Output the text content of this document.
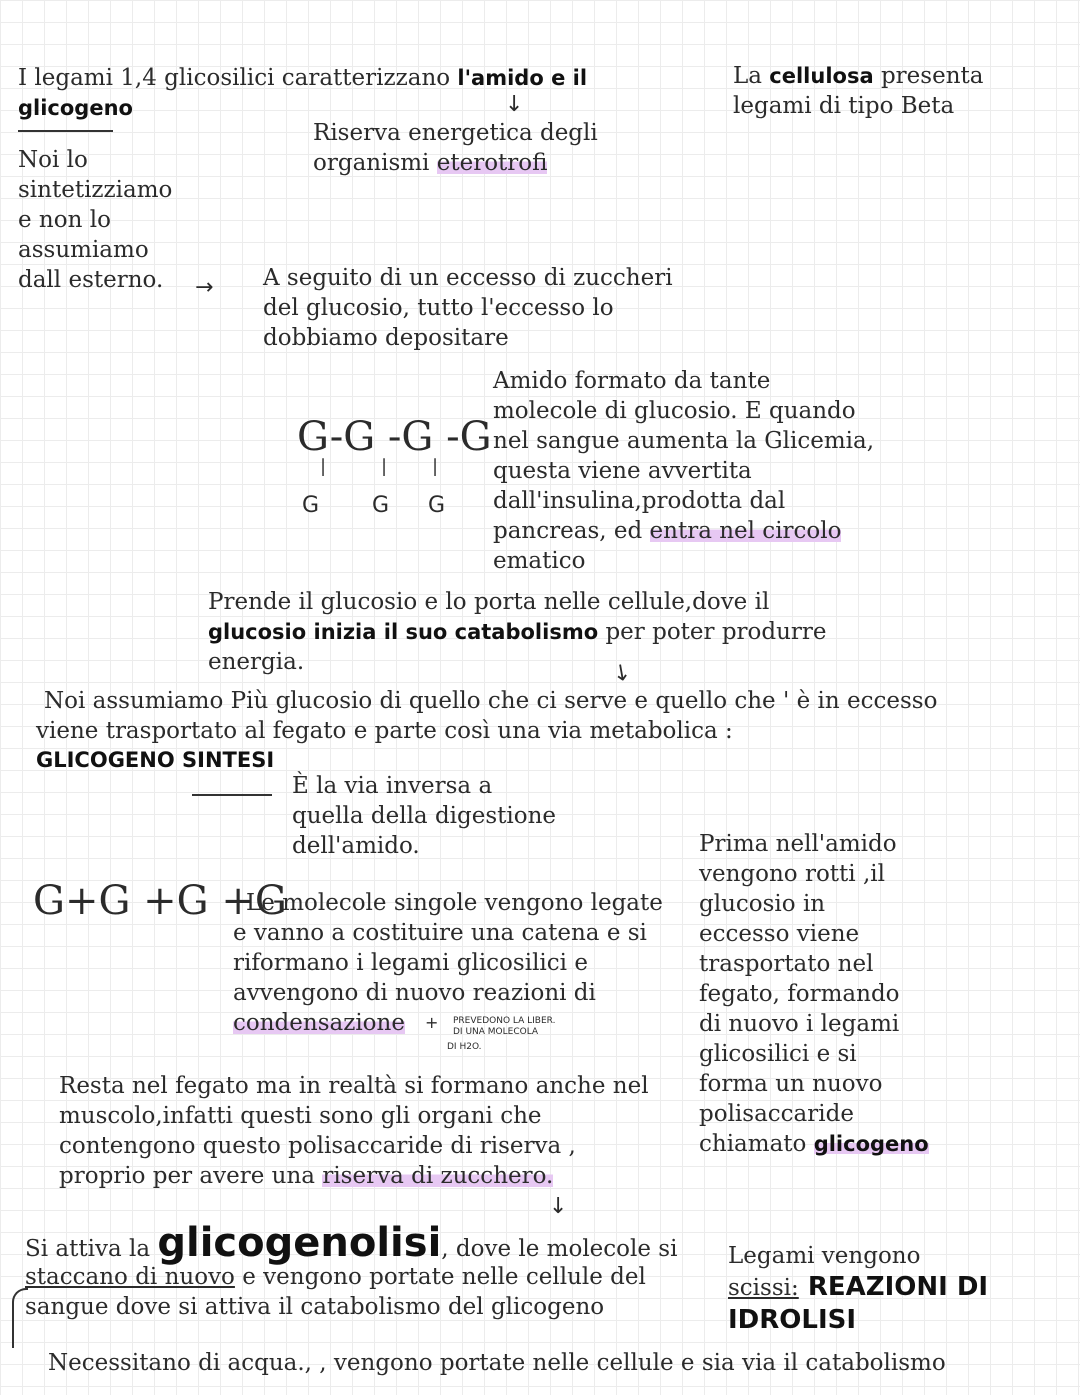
I legami 1,4 glicosilici caratterizzano l'amido e il
glicogeno
La cellulosa presenta
legami di tipo Beta
↓
Riserva energetica degli
organismi eterotrofi
Noi lo
sintetizziamo
e non lo
assumiamo
dall esterno. → A seguito di un eccesso di zuccheri
del glucosio, tutto l'eccesso lo
dobbiamo depositare
G-G -G -G
|	| |
G G G
Amido formato da tante
molecole di glucosio. E quando
nel sangue aumenta la Glicemia,
questa viene avvertita
dall'insulina,prodotta dal
pancreas, ed entra nel circolo
ematico
Prende il glucosio e lo porta nelle cellule,dove il
glucosio inizia il suo catabolismo per poter produrre
energia.	↘
Noi assumiamo Più glucosio di quello che ci serve e quello che ' è in eccesso
viene trasportato al fegato e parte così una via metabolica :
GLICOGENO SINTESI
È la via inversa a
quella della digestione
dell'amido.
G+G +G +G
Le molecole singole vengono legate
e vanno a costituire una catena e si
riformano i legami glicosilici e
avvengono di nuovo reazioni di
condensazione + PREVEDONO LA LIBER.
DI UNA MOLECOLA
DI H2O.
Prima nell'amido
vengono rotti ,il
glucosio in
eccesso viene
trasportato nel
fegato, formando
di nuovo i legami
glicosilici e si
forma un nuovo
polisaccaride
chiamato glicogeno
Resta nel fegato ma in realtà si formano anche nel
muscolo,infatti questi sono gli organi che
contengono questo polisaccaride di riserva ,
proprio per avere una riserva di zucchero.
↓
Si attiva la glicogenolisi, dove le molecole si
staccano di nuovo e vengono portate nelle cellule del
sangue dove si attiva il catabolismo del glicogeno
Legami vengono
scissi: REAZIONI DI
IDROLISI
Necessitano di acqua., , vengono portate nelle cellule e sia via il catabolismo
